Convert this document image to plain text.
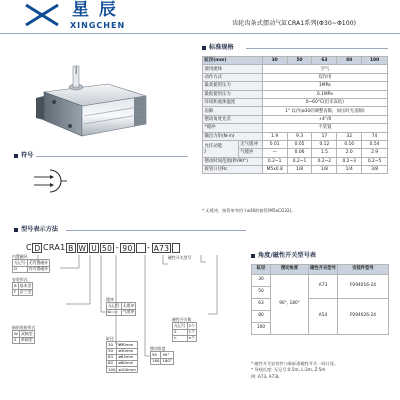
星 辰
XINGCHEN	齿轮齿条式摆动气缸CRA1系列(Φ30~Φ100)
标准规格
缸径(mm)		30	50	63	80	100
使用流体		空气				
动作方式		双作用				
最高使用压力		1MPa				
最低使用压力		0.1MPa				
环境和流体温度		0~60°C(但未冻结)				
齿隙		1° 以内(ø30的调整齿隙，加压时无齿隙)				
摆动角度允差		+4°/0				
*缓冲		不装置				
输出力矩(N·m)		1.9	9.3	17	32	74
允许动能
J	无气缓冲	0.01	0.05	0.12	0.16	0.54
	气缓冲	—	0.06	1.5	2.0	2.9
摆动时间范围(秒/90°)		0.2~1	0.2~1	0.2~2	0.2~3	0.2~5
接管口径Rc		M5x0.8	1/8	1/8	1/4	3/8
* 无缓冲，接管单弯用于ø30的接管(M5xCG32)。
符号
型号表示方法
C D CRA1 B W U 50 - 90 - A73
内置磁环
无记号	无内置磁环
D	有内置磁环
安装形式
B	基本型
F	法兰型
轴的连接形式
W	双轴型
S	单轴型
缓冲
无记号	无缓冲
C	气缓冲
缸径
30	ø30mm
50	ø50mm
63	ø63mm
80	ø80mm
100	ø100mm
摆动角度
90	90°
180	180°
磁性开关型号
磁性开关数
无记号	2个
S	1个
n	n个
角度/磁性开关型号表
缸径	摆动角度	磁性开关型号	安装件型号
30	90°, 180°	A73	P294016-24
50			
63		A54	P294026-24
80			
100			
* 磁性开关安装件与新标准磁性开关一同订货。
* 导线长度: 无记号:0.5m, L:3m, Z:5m
例: A73, A73L
